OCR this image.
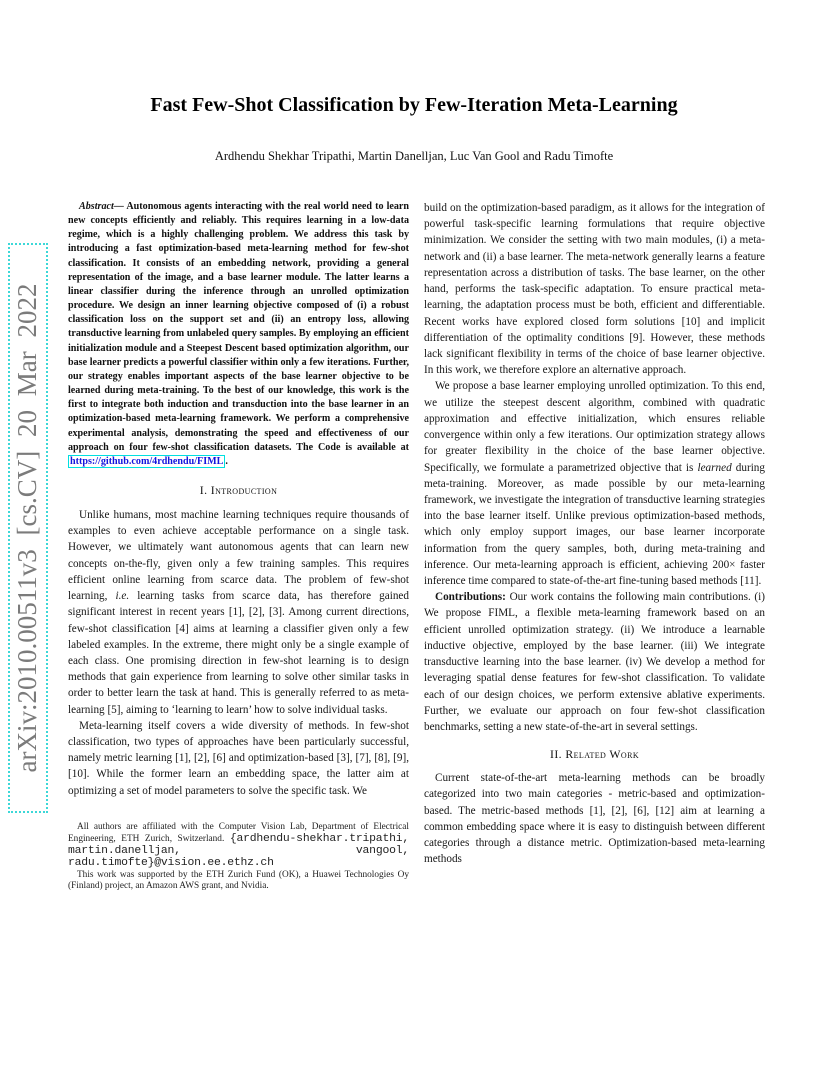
arXiv:2010.00511v3 [cs.CV] 20 Mar 2022
Fast Few-Shot Classification by Few-Iteration Meta-Learning
Ardhendu Shekhar Tripathi, Martin Danelljan, Luc Van Gool and Radu Timofte

Abstract— Autonomous agents interacting with the real world need to learn new concepts efficiently and reliably. This requires learning in a low-data regime, which is a highly challenging problem. We address this task by introducing a fast optimization-based meta-learning method for few-shot classification. It consists of an embedding network, providing a general representation of the image, and a base learner module. The latter learns a linear classifier during the inference through an unrolled optimization procedure. We design an inner learning objective composed of (i) a robust classification loss on the support set and (ii) an entropy loss, allowing transductive learning from unlabeled query samples. By employing an efficient initialization module and a Steepest Descent based optimization algorithm, our base learner predicts a powerful classifier within only a few iterations. Further, our strategy enables important aspects of the base learner objective to be learned during meta-training. To the best of our knowledge, this work is the first to integrate both induction and transduction into the base learner in an optimization-based meta-learning framework. We perform a comprehensive experimental analysis, demonstrating the speed and effectiveness of our approach on four few-shot classification datasets. The Code is available at https://github.com/4rdhendu/FIML .

I. Introduction

Unlike humans, most machine learning techniques require thousands of examples to even achieve acceptable performance on a single task. However, we ultimately want autonomous agents that can learn new concepts on-the-fly, given only a few training samples. This requires efficient online learning from scarce data. The problem of few-shot learning, i.e. learning tasks from scarce data, has therefore gained significant interest in recent years [1], [2], [3]. Among current directions, few-shot classification [4] aims at learning a classifier given only a few labeled examples. In the extreme, there might only be a single example of each class. One promising direction in few-shot learning is to design methods that gain experience from learning to solve other similar tasks in order to better learn the task at hand. This is generally referred to as meta-learning [5], aiming to ‘learning to learn’ how to solve individual tasks.

Meta-learning itself covers a wide diversity of methods. In few-shot classification, two types of approaches have been particularly successful, namely metric learning [1], [2], [6] and optimization-based [3], [7], [8], [9], [10]. While the former learn an embedding space, the latter aim at optimizing a set of model parameters to solve the specific task. We

All authors are affiliated with the Computer Vision Lab, Department of Electrical Engineering, ETH Zurich, Switzerland. {ardhendu-shekhar.tripathi, martin.danelljan, vangool, radu.timofte}@vision.ee.ethz.ch

This work was supported by the ETH Zurich Fund (OK), a Huawei Technologies Oy (Finland) project, an Amazon AWS grant, and Nvidia.

build on the optimization-based paradigm, as it allows for the integration of powerful task-specific learning formulations that require objective minimization. We consider the setting with two main modules, (i) a meta-network and (ii) a base learner. The meta-network generally learns a feature representation across a distribution of tasks. The base learner, on the other hand, performs the task-specific adaptation. To ensure practical meta-learning, the adaptation process must be both, efficient and differentiable. Recent works have explored closed form solutions [10] and implicit differentiation of the optimality conditions [9]. However, these methods lack significant flexibility in terms of the choice of base learner objective. In this work, we therefore explore an alternative approach.

We propose a base learner employing unrolled optimization. To this end, we utilize the steepest descent algorithm, combined with quadratic approximation and effective initialization, which ensures reliable convergence within only a few iterations. Our optimization strategy allows for greater flexibility in the choice of the base learner objective. Specifically, we formulate a parametrized objective that is learned during meta-training. Moreover, as made possible by our meta-learning framework, we investigate the integration of transductive learning strategies into the base learner itself. Unlike previous optimization-based methods, which only employ support images, our base learner incorporate information from the query samples, both, during meta-training and inference. Our meta-learning approach is efficient, achieving 200× faster inference time compared to state-of-the-art fine-tuning based methods [11].

Contributions: Our work contains the following main contributions. (i) We propose FIML, a flexible meta-learning framework based on an efficient unrolled optimization strategy. (ii) We introduce a learnable inductive objective, employed by the base learner. (iii) We integrate transductive learning into the base learner. (iv) We develop a method for leveraging spatial dense features for few-shot classification. To validate each of our design choices, we perform extensive ablative experiments. Further, we evaluate our approach on four few-shot classification benchmarks, setting a new state-of-the-art in several settings.

II. Related Work

Current state-of-the-art meta-learning methods can be broadly categorized into two main categories - metric-based and optimization-based. The metric-based methods [1], [2], [6], [12] aim at learning a common embedding space where it is easy to distinguish between different categories through a distance metric. Optimization-based meta-learning methods
